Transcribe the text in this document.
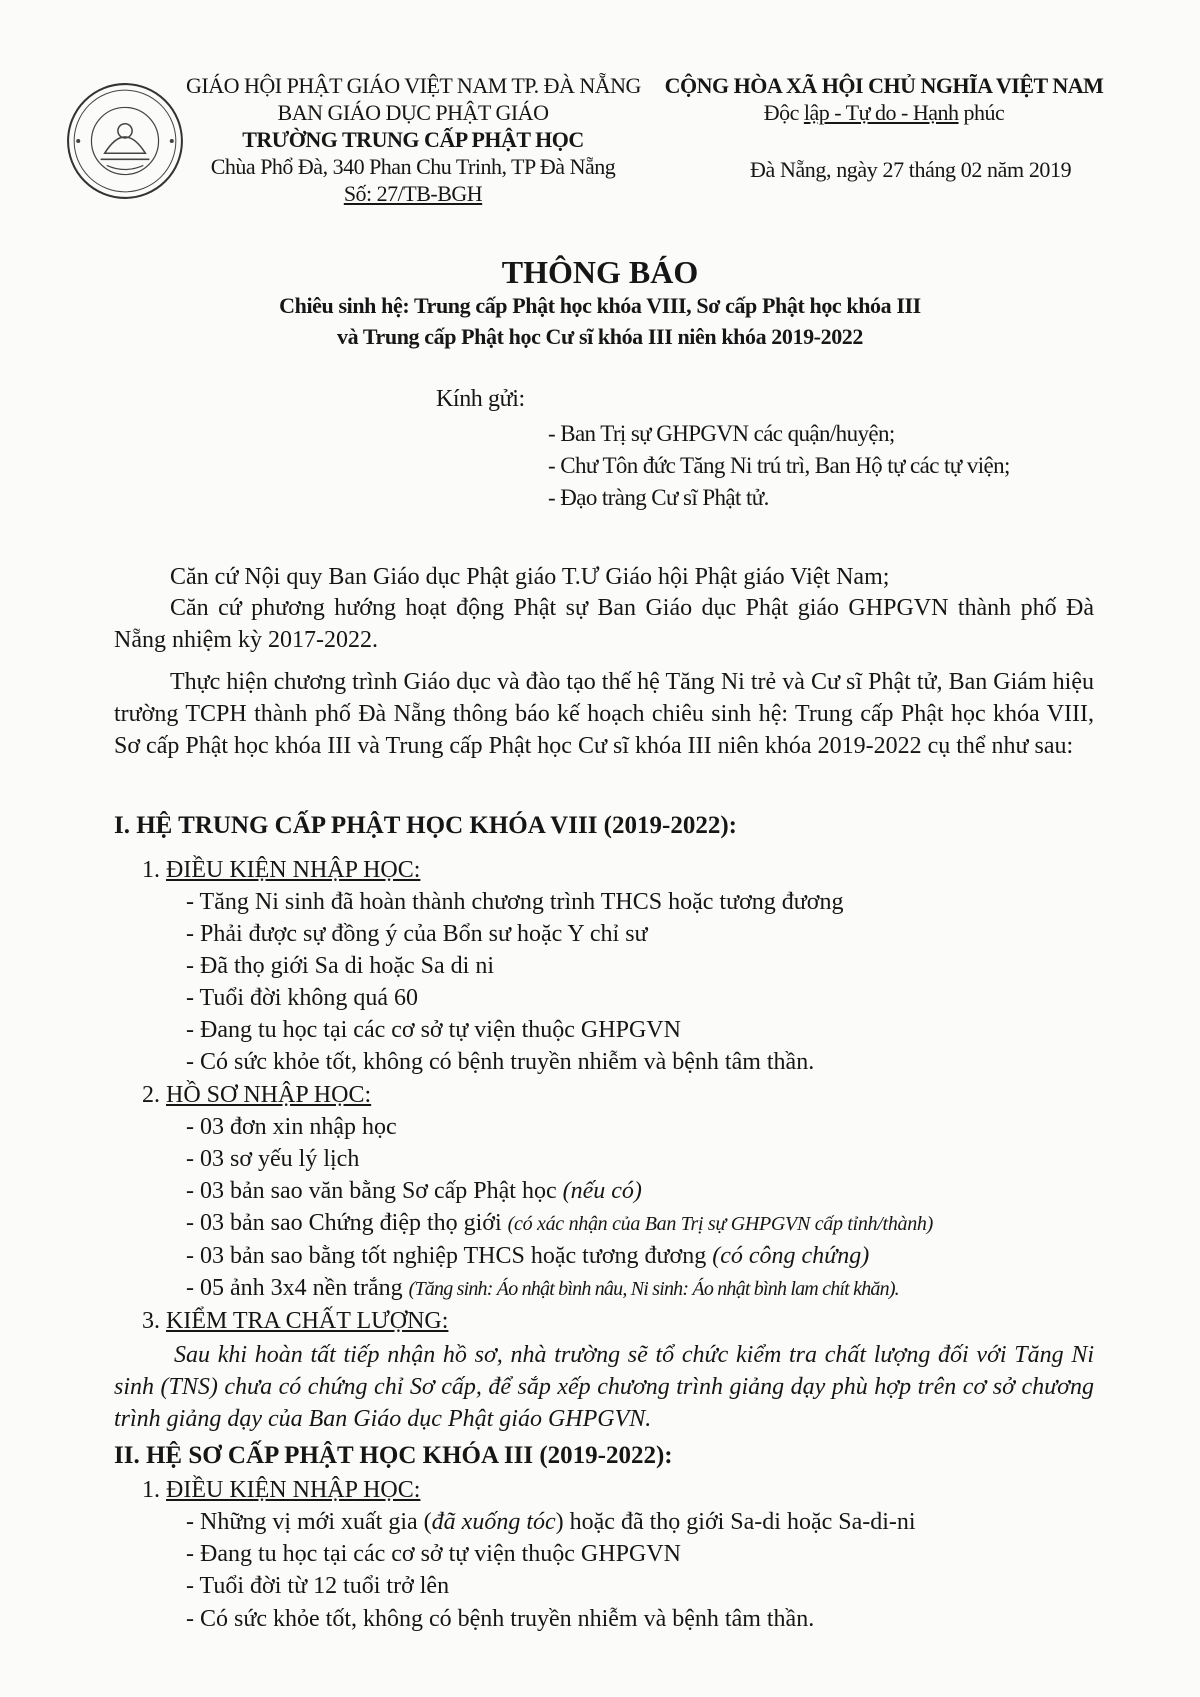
GIÁO HỘI PHẬT GIÁO VIỆT NAM TP. ĐÀ NẴNG
BAN GIÁO DỤC PHẬT GIÁO
TRƯỜNG TRUNG CẤP PHẬT HỌC
Chùa Phổ Đà, 340 Phan Chu Trinh, TP Đà Nẵng
Số: 27/TB-BGH
CỘNG HÒA XÃ HỘI CHỦ NGHĨA VIỆT NAM
Độc lập - Tự do - Hạnh phúc
Đà Nẵng, ngày 27 tháng 02 năm 2019
THÔNG BÁO
Chiêu sinh hệ: Trung cấp Phật học khóa VIII, Sơ cấp Phật học khóa III
và Trung cấp Phật học Cư sĩ khóa III niên khóa 2019-2022
Kính gửi:
- Ban Trị sự GHPGVN các quận/huyện;
- Chư Tôn đức Tăng Ni trú trì, Ban Hộ tự các tự viện;
- Đạo tràng Cư sĩ Phật tử.
Căn cứ Nội quy Ban Giáo dục Phật giáo T.Ư Giáo hội Phật giáo Việt Nam;
Căn cứ phương hướng hoạt động Phật sự Ban Giáo dục Phật giáo GHPGVN thành phố Đà Nẵng nhiệm kỳ 2017-2022.
Thực hiện chương trình Giáo dục và đào tạo thế hệ Tăng Ni trẻ và Cư sĩ Phật tử, Ban Giám hiệu trường TCPH thành phố Đà Nẵng thông báo kế hoạch chiêu sinh hệ: Trung cấp Phật học khóa VIII, Sơ cấp Phật học khóa III và Trung cấp Phật học Cư sĩ khóa III niên khóa 2019-2022 cụ thể như sau:
I. HỆ TRUNG CẤP PHẬT HỌC KHÓA VIII (2019-2022):
1. ĐIỀU KIỆN NHẬP HỌC:
- Tăng Ni sinh đã hoàn thành chương trình THCS hoặc tương đương
- Phải được sự đồng ý của Bổn sư hoặc Y chỉ sư
- Đã thọ giới Sa di hoặc Sa di ni
- Tuổi đời không quá 60
- Đang tu học tại các cơ sở tự viện thuộc GHPGVN
- Có sức khỏe tốt, không có bệnh truyền nhiễm và bệnh tâm thần.
2. HỒ SƠ NHẬP HỌC:
- 03 đơn xin nhập học
- 03 sơ yếu lý lịch
- 03 bản sao văn bằng Sơ cấp Phật học (nếu có)
- 03 bản sao Chứng điệp thọ giới (có xác nhận của Ban Trị sự GHPGVN cấp tỉnh/thành)
- 03 bản sao bằng tốt nghiệp THCS hoặc tương đương (có công chứng)
- 05 ảnh 3x4 nền trắng (Tăng sinh: Áo nhật bình nâu, Ni sinh: Áo nhật bình lam chít khăn).
3. KIỂM TRA CHẤT LƯỢNG:
Sau khi hoàn tất tiếp nhận hồ sơ, nhà trường sẽ tổ chức kiểm tra chất lượng đối với Tăng Ni sinh (TNS) chưa có chứng chỉ Sơ cấp, để sắp xếp chương trình giảng dạy phù hợp trên cơ sở chương trình giảng dạy của Ban Giáo dục Phật giáo GHPGVN.
II. HỆ SƠ CẤP PHẬT HỌC KHÓA III (2019-2022):
1. ĐIỀU KIỆN NHẬP HỌC:
- Những vị mới xuất gia (đã xuống tóc) hoặc đã thọ giới Sa-di hoặc Sa-di-ni
- Đang tu học tại các cơ sở tự viện thuộc GHPGVN
- Tuổi đời từ 12 tuổi trở lên
- Có sức khỏe tốt, không có bệnh truyền nhiễm và bệnh tâm thần.
